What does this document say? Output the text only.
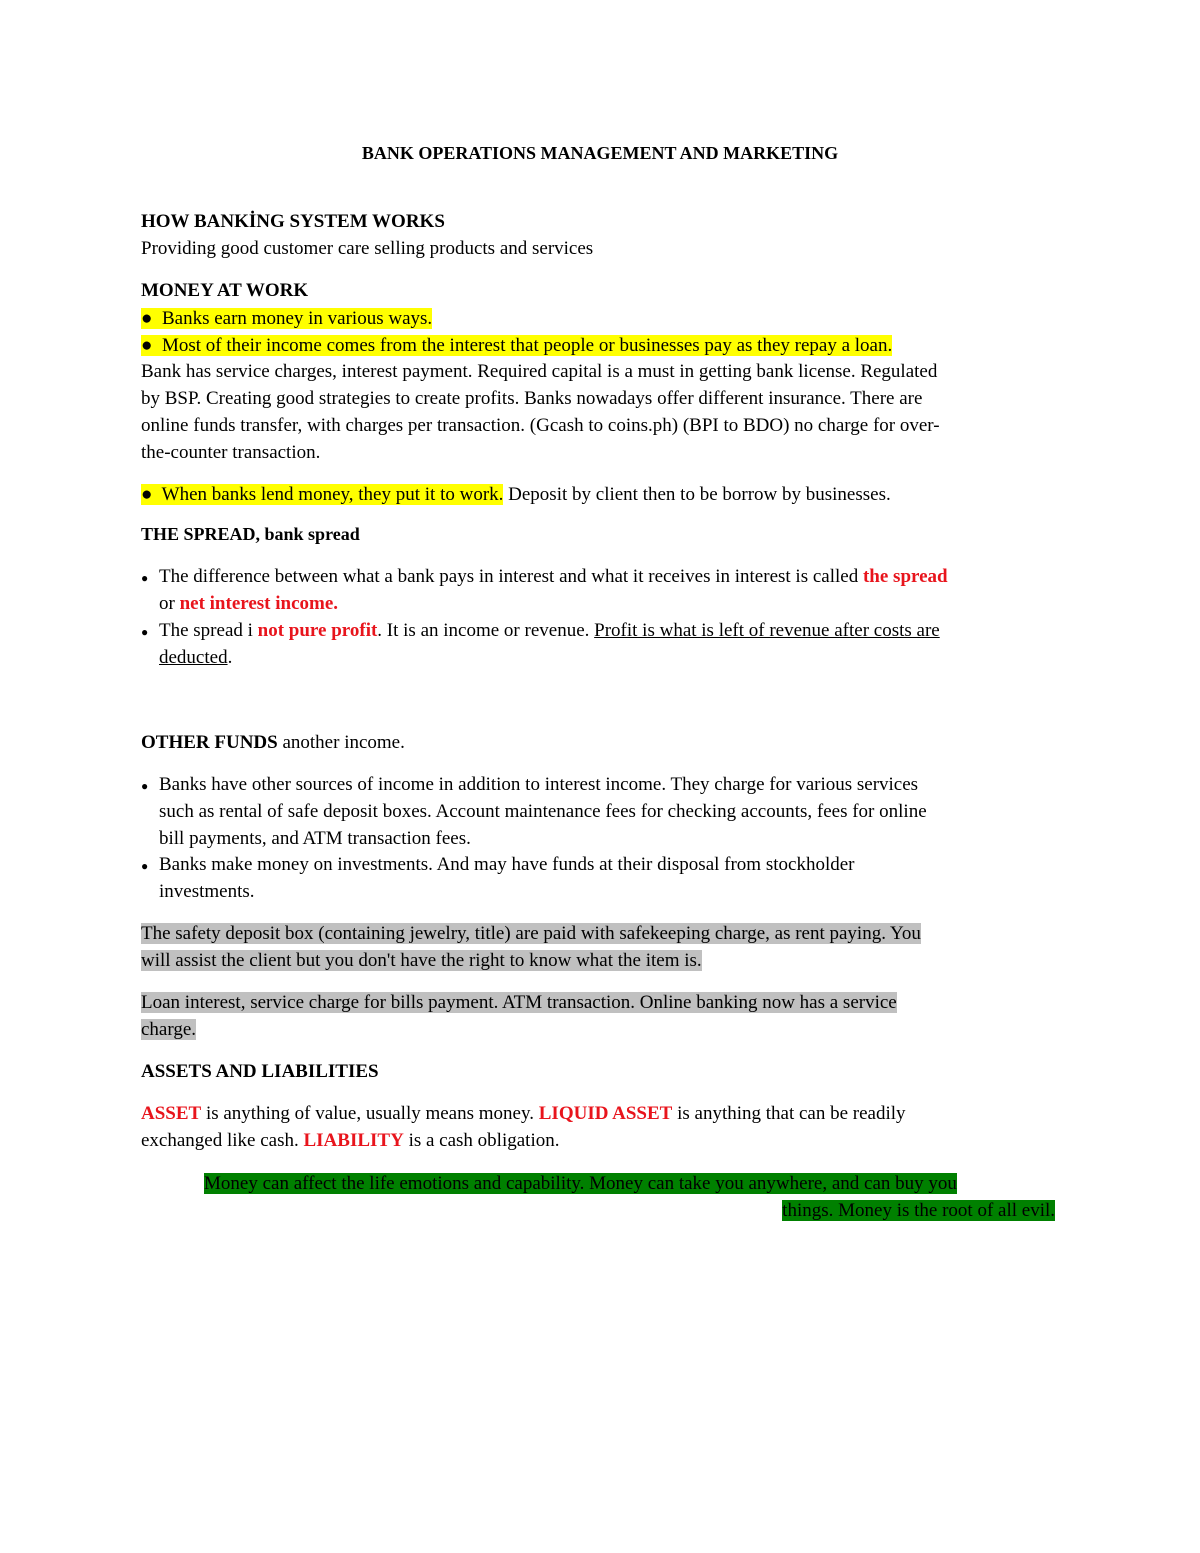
BANK OPERATIONS MANAGEMENT AND MARKETING
HOW BANKİNG SYSTEM WORKS
Providing good customer care selling products and services
MONEY AT WORK
●  Banks earn money in various ways.
●  Most of their income comes from the interest that people or businesses pay as they repay a loan.
Bank has service charges, interest payment. Required capital is a must in getting bank license. Regulated
by BSP. Creating good strategies to create profits. Banks nowadays offer different insurance. There are
online funds transfer, with charges per transaction. (Gcash to coins.ph) (BPI to BDO) no charge for over-
the-counter transaction.
●  When banks lend money, they put it to work. Deposit by client then to be borrow by businesses.
THE SPREAD, bank spread
● The difference between what a bank pays in interest and what it receives in interest is called the spread
or net interest income.
● The spread i not pure profit. It is an income or revenue. Profit is what is left of revenue after costs are
deducted.
OTHER FUNDS another income.
● Banks have other sources of income in addition to interest income. They charge for various services
such as rental of safe deposit boxes. Account maintenance fees for checking accounts, fees for online
bill payments, and ATM transaction fees.
● Banks make money on investments. And may have funds at their disposal from stockholder
investments.
The safety deposit box (containing jewelry, title) are paid with safekeeping charge, as rent paying. You
will assist the client but you don't have the right to know what the item is.
Loan interest, service charge for bills payment. ATM transaction. Online banking now has a service
charge.
ASSETS AND LIABILITIES
ASSET is anything of value, usually means money. LIQUID ASSET is anything that can be readily
exchanged like cash. LIABILITY is a cash obligation.
Money can affect the life emotions and capability. Money can take you anywhere, and can buy you
things. Money is the root of all evil.
